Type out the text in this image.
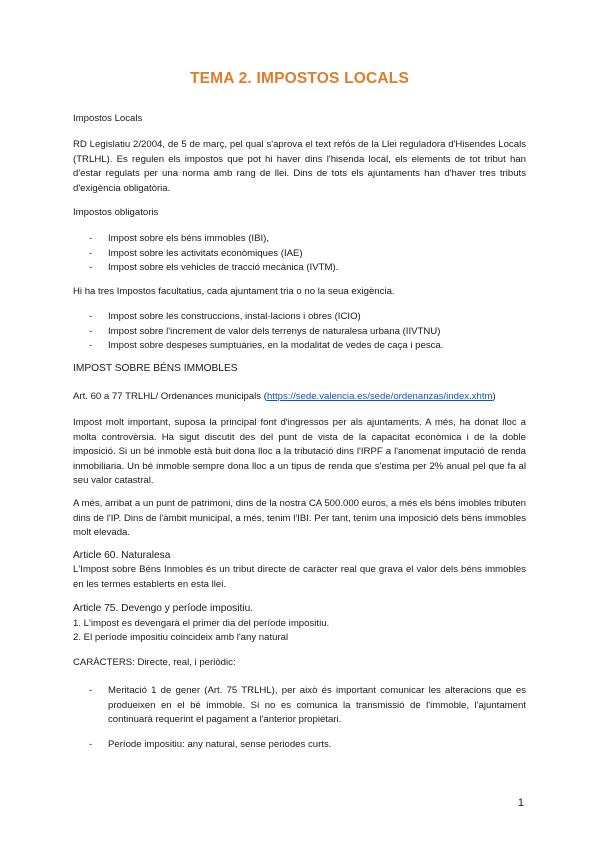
TEMA 2. IMPOSTOS LOCALS
Impostos Locals
RD Legislatiu 2/2004, de 5 de març, pel qual s'aprova el text refós de la Llei reguladora d'Hisendes Locals (TRLHL). Es regulen els impostos que pot hi haver dins l'hisenda local, els elements de tot tribut han d'estar regulats per una norma amb rang de llei. Dins de tots els ajuntaments han d'haver tres tributs d'exigència obligatòria.
Impostos obligatoris
- Impost sobre els béns immobles (IBI),
- Impost sobre les activitats econòmiques (IAE)
- Impost sobre els vehicles de tracció mecànica (IVTM).
Hi ha tres Impostos facultatius, cada ajuntament tria o no la seua exigència.
- Impost sobre les construccions, instal·lacions i obres (ICIO)
- Impost sobre l'increment de valor dels terrenys de naturalesa urbana (IIVTNU)
- Impost sobre despeses sumptuàries, en la modalitat de vedes de caça i pesca.
IMPOST SOBRE BÉNS IMMOBLES
Art. 60 a 77 TRLHL/ Ordenances municipals (https://sede.valencia.es/sede/ordenanzas/index.xhtm)
Impost molt important, suposa la principal font d'ingressos per als ajuntaments. A més, ha donat lloc a molta controvèrsia. Ha sigut discutit des del punt de vista de la capacitat econòmica i de la doble imposició. Si un bé inmoble està buit dona lloc a la tributació dins l'IRPF a l'anomenat imputació de renda inmobiliaria. Un bé inmoble sempre dona lloc a un tipus de renda que s'estima per 2% anual pel que fa al seu valor catastral.
A més, arribat a un punt de patrimoni, dins de la nostra CA 500.000 euros, a més els béns imobles tributen dins de l'IP. Dins de l'àmbit municipal, a més, tenim l'IBI. Per tant, tenim una imposició dels béns immobles molt elevada.
Article 60. Naturalesa
L'Impost sobre Béns Inmobles és un tribut directe de caràcter real que grava el valor dels béns immobles en les termes establerts en esta llei.
Article 75. Devengo y període impositiu.
1. L'impost es devengarà el primer dia del període impositiu.
2. El període impositiu coincideix amb l'any natural
CARÀCTERS: Directe, real, i periòdic:
- Meritació 1 de gener (Art. 75 TRLHL), per això és important comunicar les alteracions que es produeixen en el bé immoble. Si no es comunica la transmissió de l'immoble, l'ajuntament continuarà requerint el pagament a l'anterior propietari.
- Període impositiu: any natural, sense periodes curts.
1
